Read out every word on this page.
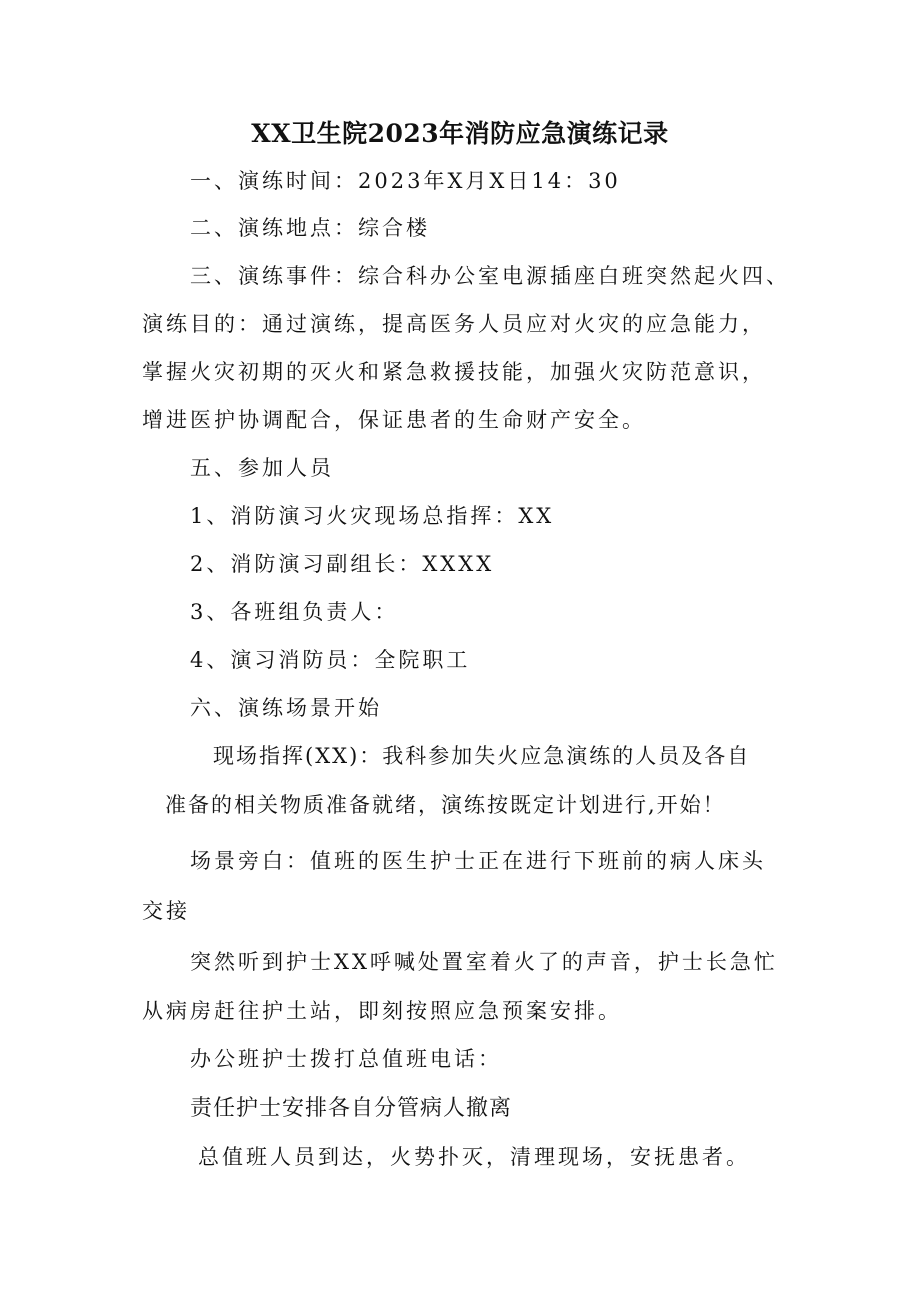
XX卫生院2023年消防应急演练记录
一、演练时间：2023年X月X日14：30
二、演练地点：综合楼
三、演练事件：综合科办公室电源插座白班突然起火四、
演练目的：通过演练，提高医务人员应对火灾的应急能力，
掌握火灾初期的灭火和紧急救援技能，加强火灾防范意识，
增进医护协调配合，保证患者的生命财产安全。
五、参加人员
1、消防演习火灾现场总指挥：XX
2、消防演习副组长：XXXX
3、各班组负责人：
4、演习消防员：全院职工
六、演练场景开始
现场指挥(XX)：我科参加失火应急演练的人员及各自
准备的相关物质准备就绪，演练按既定计划进行,开始！
场景旁白：值班的医生护士正在进行下班前的病人床头
交接
突然听到护士XX呼喊处置室着火了的声音，护士长急忙
从病房赶往护土站，即刻按照应急预案安排。
办公班护士拨打总值班电话：
责任护士安排各自分管病人撤离
总值班人员到达，火势扑灭，清理现场，安抚患者。
